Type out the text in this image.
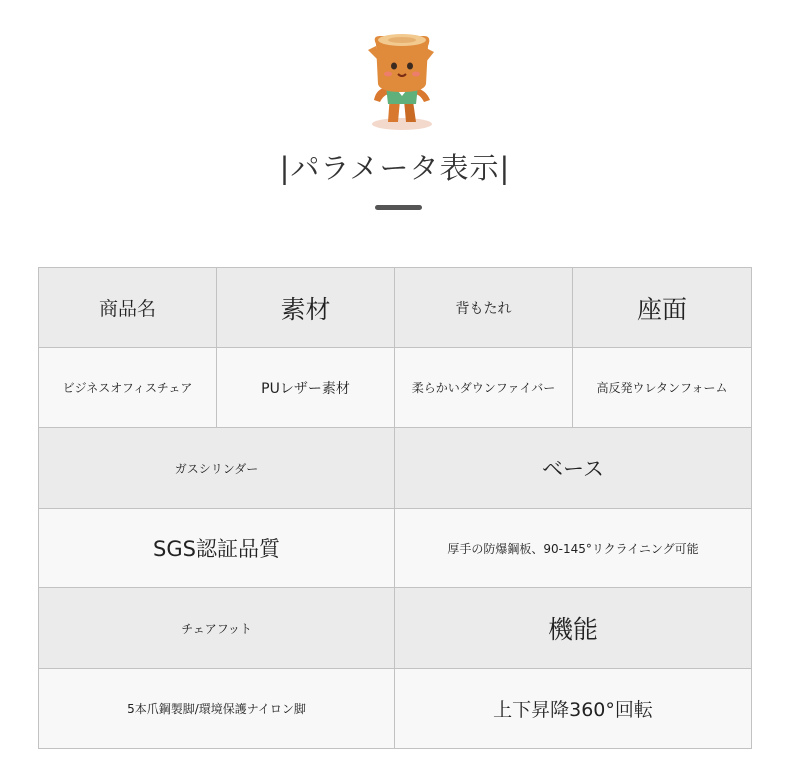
|パラメータ表示|
商品名	素材	背もたれ	座面
ビジネスオフィスチェア	PUレザー素材	柔らかいダウンファイバー	高反発ウレタンフォーム
ガスシリンダー		ベース	
SGS認証品質		厚手の防爆鋼板、90-145°リクライニング可能	
チェアフット		機能	
5本爪鋼製脚/環境保護ナイロン脚		上下昇降360°回転	
